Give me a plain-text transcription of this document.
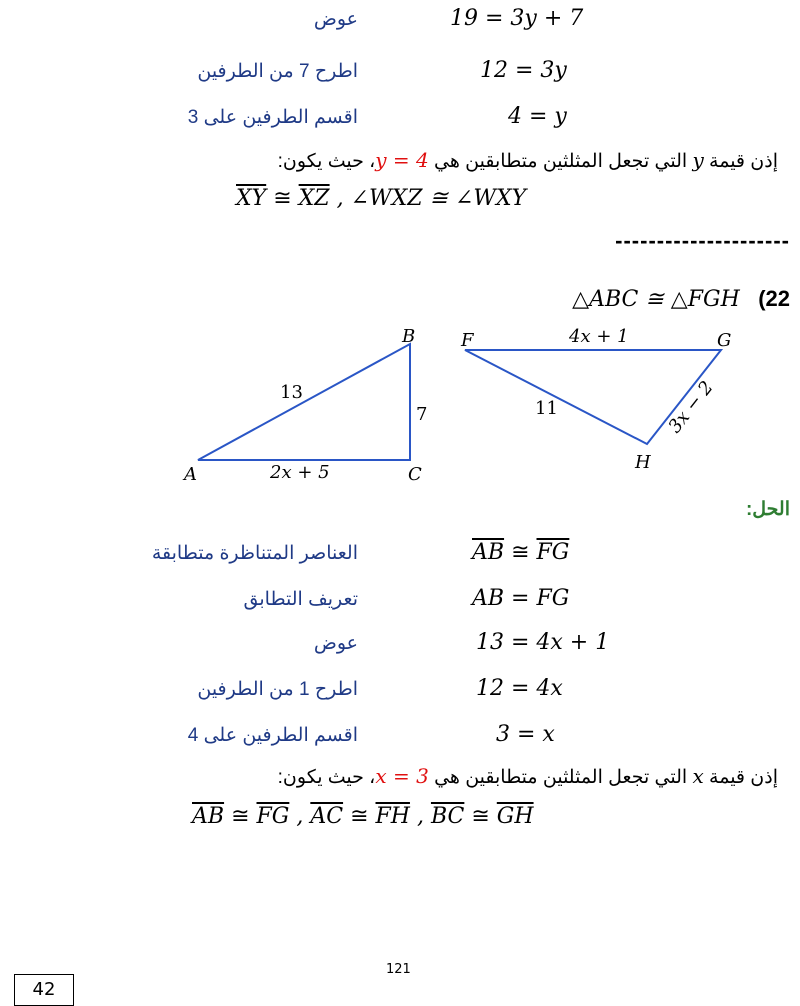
19 = 3y + 7
عوض
12 = 3y
اطرح 7 من الطرفين
4 = y
اقسم الطرفين على 3
إذن قيمة y التي تجعل المثلثين متطابقين هي y = 4، حيث يكون:
$\overline{XY}$ ≅ $\overline{XZ}$ , ∠WXZ ≅ ∠WXY
---------------------
△ABC ≅ △FGH (22
A
B
C
13
7
2x + 5
F	G
H
4x + 1
11	3x − 2
الحل:
$\overline{AB}$ ≅ $\overline{FG}$
العناصر المتناظرة متطابقة
AB = FG
تعريف التطابق
13 = 4x + 1
عوض
12 = 4x
اطرح 1 من الطرفين
3 = x
اقسم الطرفين على 4
إذن قيمة x التي تجعل المثلثين متطابقين هي x = 3، حيث يكون:
$\overline{AB}$ ≅ $\overline{FG}$ , $\overline{AC}$ ≅ $\overline{FH}$ , $\overline{BC}$ ≅ $\overline{GH}$
121
42
